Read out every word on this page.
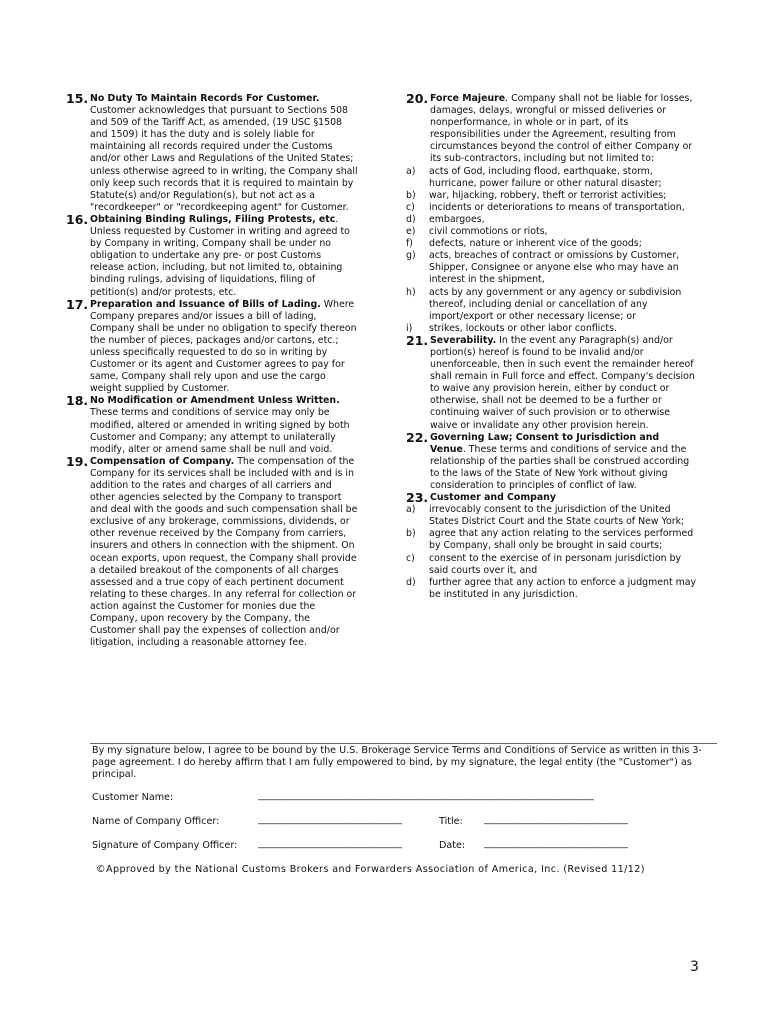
15. No Duty To Maintain Records For Customer. Customer acknowledges that pursuant to Sections 508 and 509 of the Tariff Act, as amended, (19 USC §1508 and 1509) it has the duty and is solely liable for maintaining all records required under the Customs and/or other Laws and Regulations of the United States; unless otherwise agreed to in writing, the Company shall only keep such records that it is required to maintain by Statute(s) and/or Regulation(s), but not act as a "recordkeeper" or "recordkeeping agent" for Customer.
16. Obtaining Binding Rulings, Filing Protests, etc. Unless requested by Customer in writing and agreed to by Company in writing, Company shall be under no obligation to undertake any pre- or post Customs release action, including, but not limited to, obtaining binding rulings, advising of liquidations, filing of petition(s) and/or protests, etc.
17. Preparation and Issuance of Bills of Lading. Where Company prepares and/or issues a bill of lading, Company shall be under no obligation to specify thereon the number of pieces, packages and/or cartons, etc.; unless specifically requested to do so in writing by Customer or its agent and Customer agrees to pay for same, Company shall rely upon and use the cargo weight supplied by Customer.
18. No Modification or Amendment Unless Written. These terms and conditions of service may only be modified, altered or amended in writing signed by both Customer and Company; any attempt to unilaterally modify, alter or amend same shall be null and void.
19. Compensation of Company. The compensation of the Company for its services shall be included with and is in addition to the rates and charges of all carriers and other agencies selected by the Company to transport and deal with the goods and such compensation shall be exclusive of any brokerage, commissions, dividends, or other revenue received by the Company from carriers, insurers and others in connection with the shipment. On ocean exports, upon request, the Company shall provide a detailed breakout of the components of all charges assessed and a true copy of each pertinent document relating to these charges. In any referral for collection or action against the Customer for monies due the Company, upon recovery by the Company, the Customer shall pay the expenses of collection and/or litigation, including a reasonable attorney fee.
20. Force Majeure. Company shall not be liable for losses, damages, delays, wrongful or missed deliveries or nonperformance, in whole or in part, of its responsibilities under the Agreement, resulting from circumstances beyond the control of either Company or its sub-contractors, including but not limited to:
a) acts of God, including flood, earthquake, storm, hurricane, power failure or other natural disaster;
b) war, hijacking, robbery, theft or terrorist activities;
c) incidents or deteriorations to means of transportation,
d) embargoes,
e) civil commotions or riots,
f) defects, nature or inherent vice of the goods;
g) acts, breaches of contract or omissions by Customer, Shipper, Consignee or anyone else who may have an interest in the shipment,
h) acts by any government or any agency or subdivision thereof, including denial or cancellation of any import/export or other necessary license; or
i) strikes, lockouts or other labor conflicts.
21. Severability. In the event any Paragraph(s) and/or portion(s) hereof is found to be invalid and/or unenforceable, then in such event the remainder hereof shall remain in Full force and effect. Company's decision to waive any provision herein, either by conduct or otherwise, shall not be deemed to be a further or continuing waiver of such provision or to otherwise waive or invalidate any other provision herein.
22. Governing Law; Consent to Jurisdiction and Venue. These terms and conditions of service and the relationship of the parties shall be construed according to the laws of the State of New York without giving consideration to principles of conflict of law.
23. Customer and Company
a) irrevocably consent to the jurisdiction of the United States District Court and the State courts of New York;
b) agree that any action relating to the services performed by Company, shall only be brought in said courts;
c) consent to the exercise of in personam jurisdiction by said courts over it, and
d) further agree that any action to enforce a judgment may be instituted in any jurisdiction.
By my signature below, I agree to be bound by the U.S. Brokerage Service Terms and Conditions of Service as written in this 3-page agreement. I do hereby affirm that I am fully empowered to bind, by my signature, the legal entity (the "Customer") as principal.
Customer Name:	______________________________________________________________________
Name of Company Officer:	______________________________	Title: ______________________________
Signature of Company Officer: ______________________________	Date: ______________________________
©Approved by the National Customs Brokers and Forwarders Association of America, Inc. (Revised 11/12)
3
